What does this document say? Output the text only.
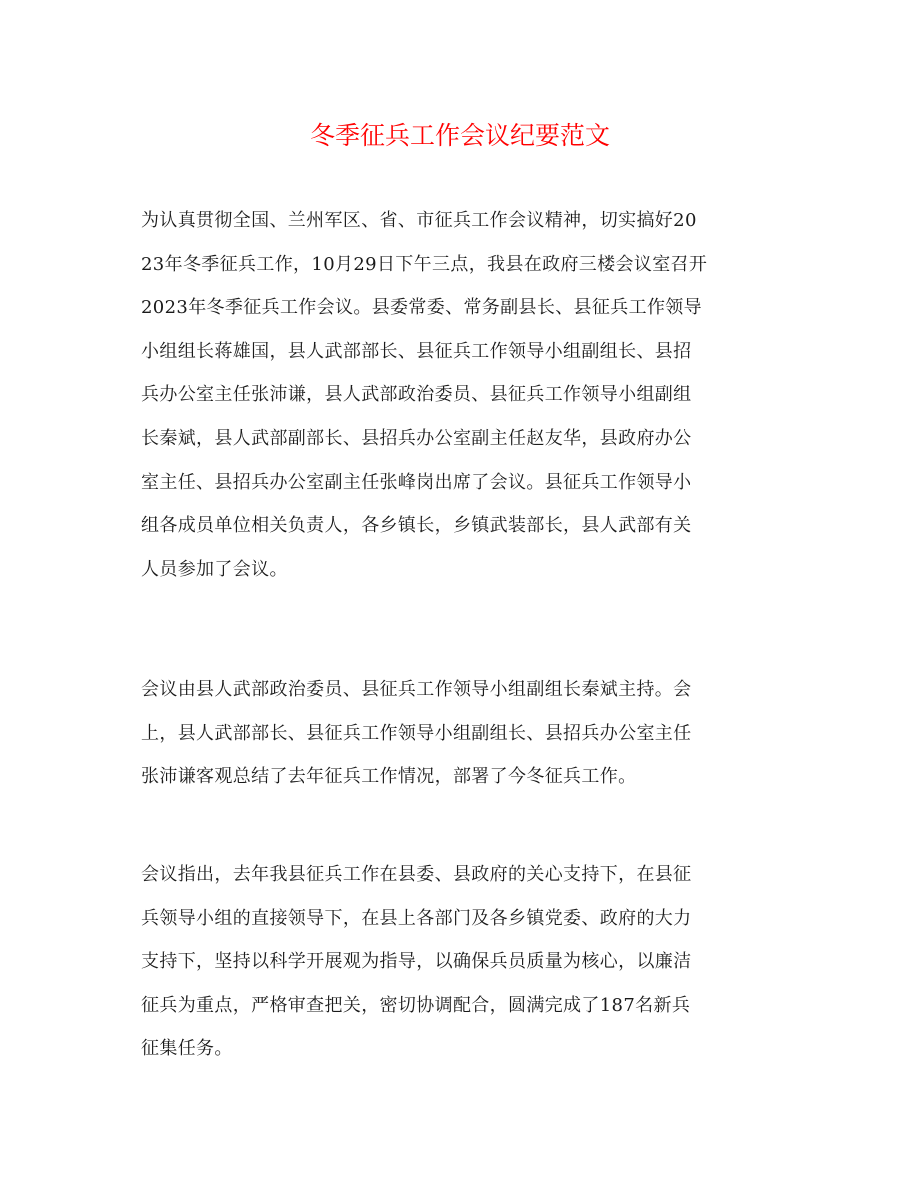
冬季征兵工作会议纪要范文
为认真贯彻全国、兰州军区、省、市征兵工作会议精神，切实搞好20
23年冬季征兵工作，10月29日下午三点，我县在政府三楼会议室召开
2023年冬季征兵工作会议。县委常委、常务副县长、县征兵工作领导
小组组长蒋雄国，县人武部部长、县征兵工作领导小组副组长、县招
兵办公室主任张沛谦，县人武部政治委员、县征兵工作领导小组副组
长秦斌，县人武部副部长、县招兵办公室副主任赵友华，县政府办公
室主任、县招兵办公室副主任张峰岗出席了会议。县征兵工作领导小
组各成员单位相关负责人，各乡镇长，乡镇武装部长，县人武部有关
人员参加了会议。
会议由县人武部政治委员、县征兵工作领导小组副组长秦斌主持。会
上，县人武部部长、县征兵工作领导小组副组长、县招兵办公室主任
张沛谦客观总结了去年征兵工作情况，部署了今冬征兵工作。
会议指出，去年我县征兵工作在县委、县政府的关心支持下，在县征
兵领导小组的直接领导下，在县上各部门及各乡镇党委、政府的大力
支持下，坚持以科学开展观为指导，以确保兵员质量为核心，以廉洁
征兵为重点，严格审查把关，密切协调配合，圆满完成了187名新兵
征集任务。
